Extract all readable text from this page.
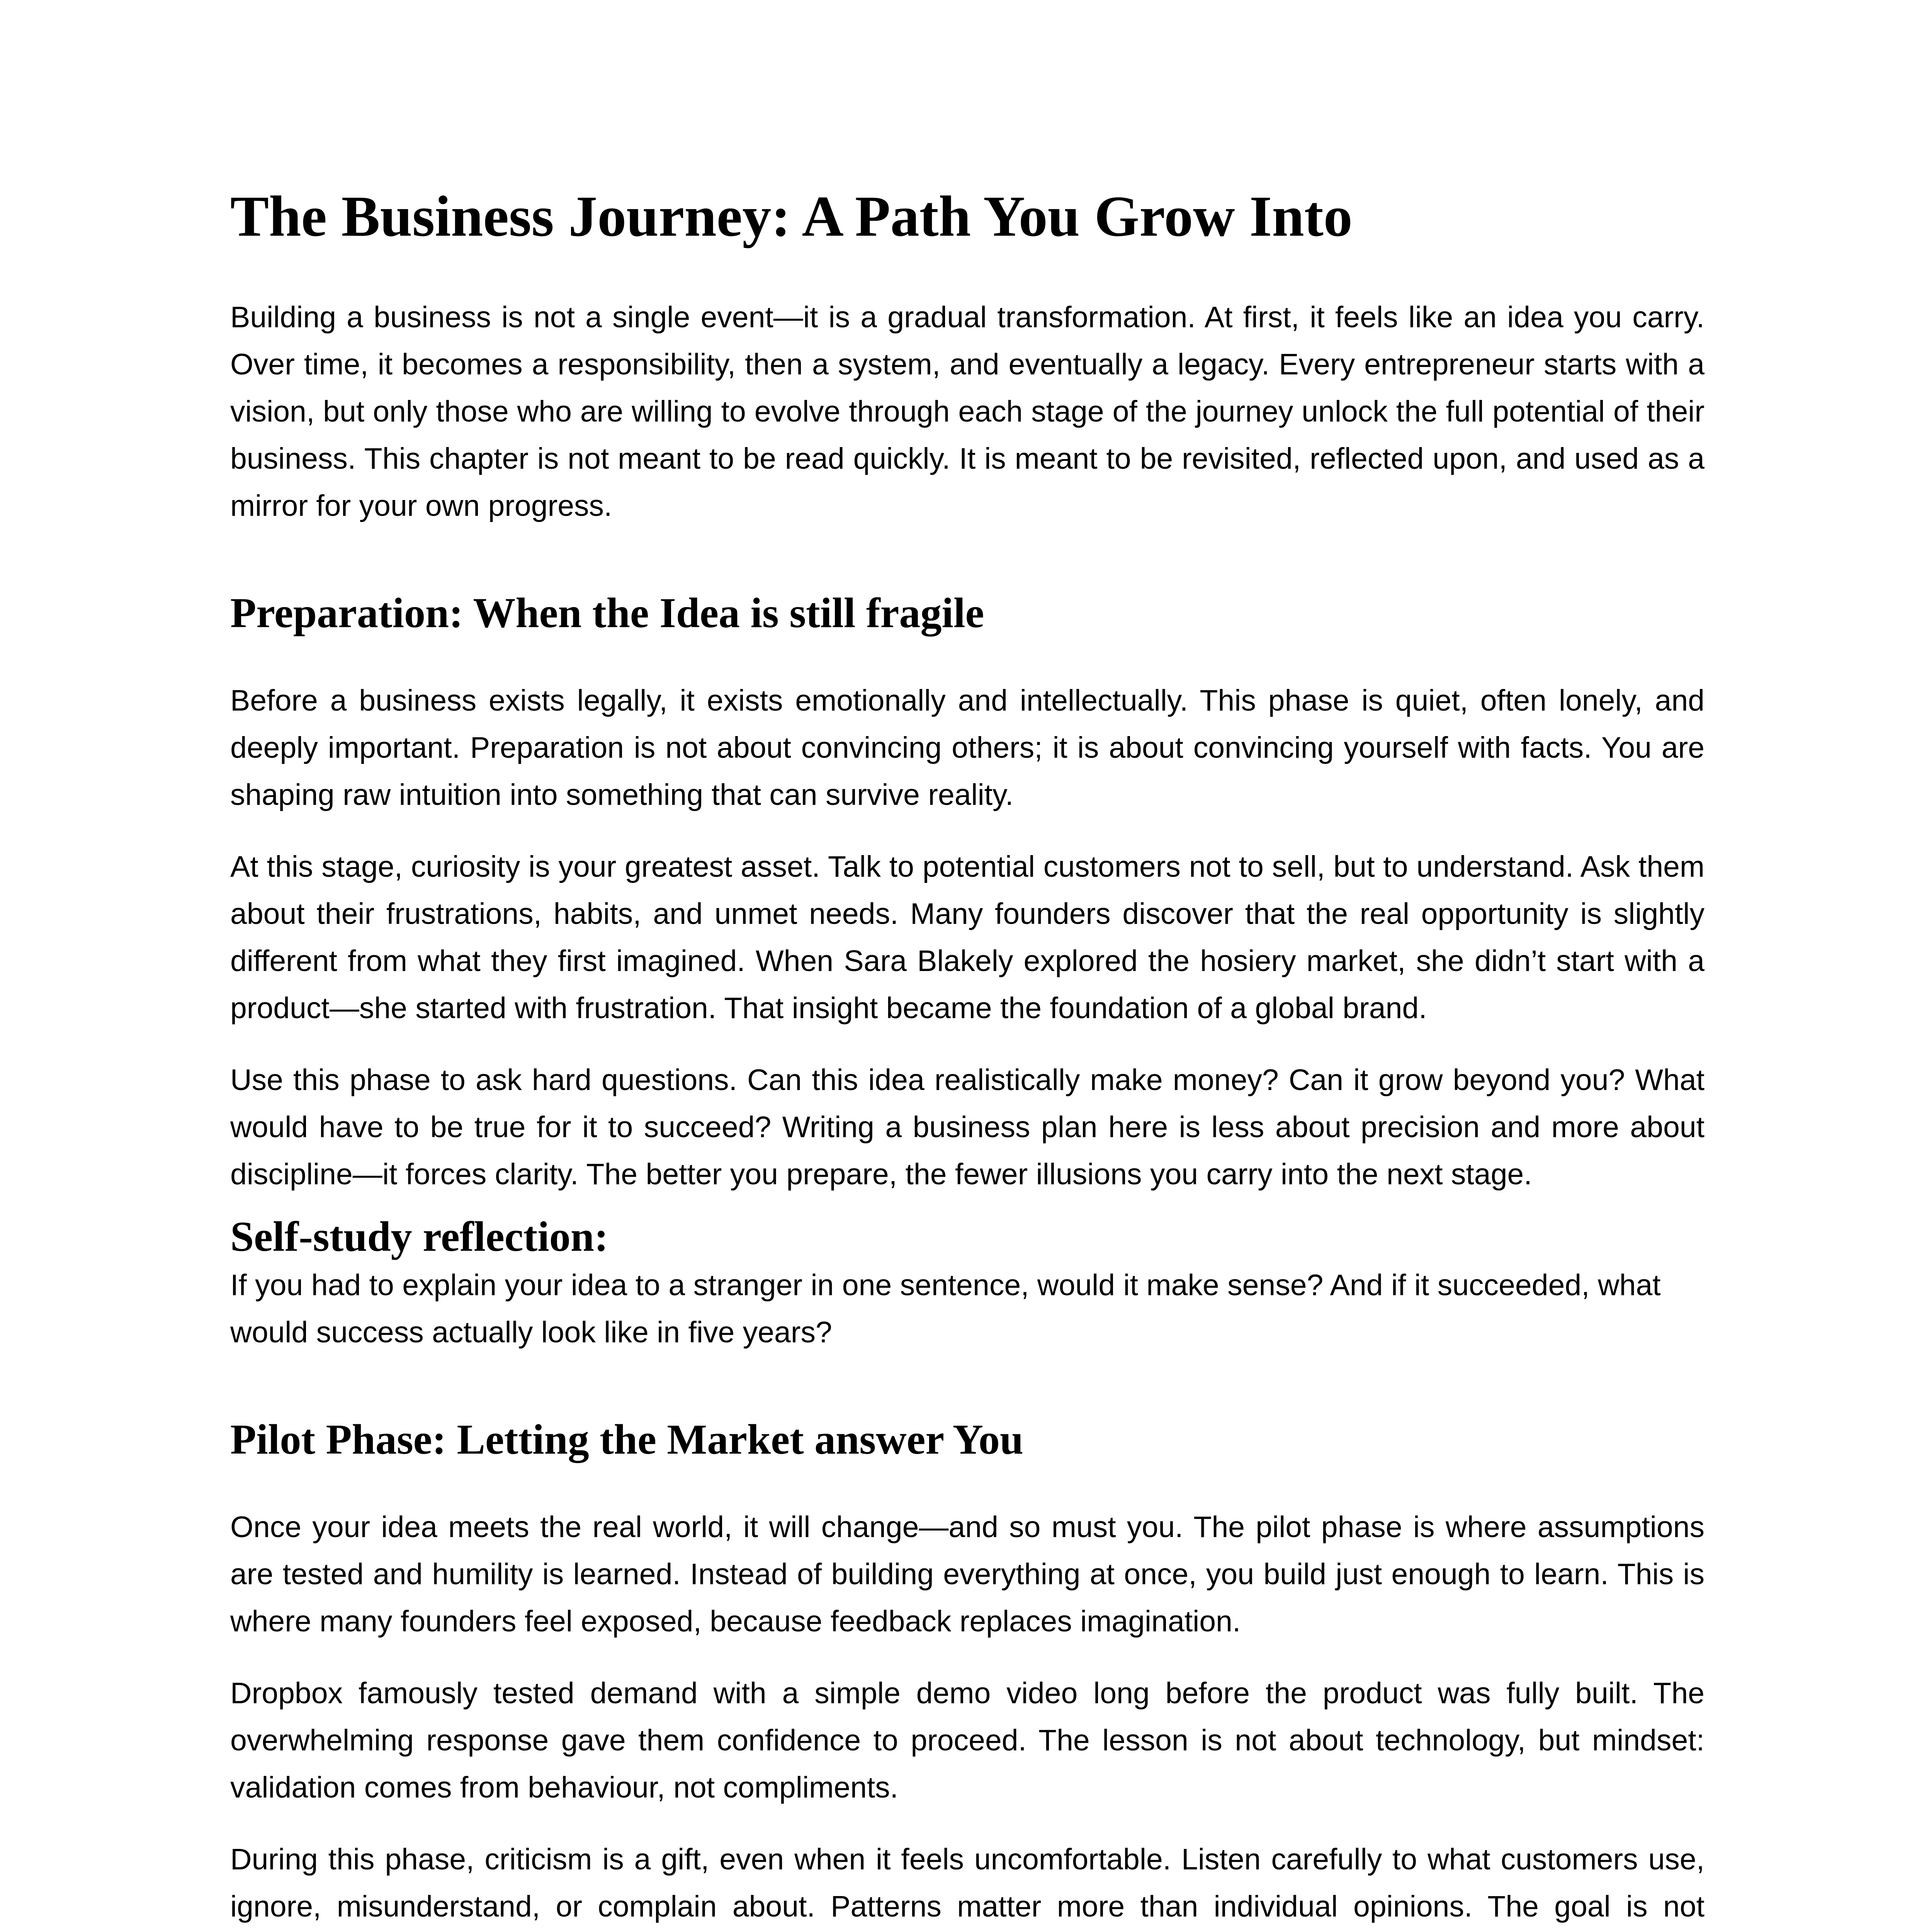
The Business Journey: A Path You Grow Into

Building a business is not a single event—it is a gradual transformation. At first, it feels like an idea you carry. Over time, it becomes a responsibility, then a system, and eventually a legacy. Every entrepreneur starts with a vision, but only those who are willing to evolve through each stage of the journey unlock the full potential of their business. This chapter is not meant to be read quickly. It is meant to be revisited, reflected upon, and used as a mirror for your own progress.

Preparation: When the Idea is still fragile

Before a business exists legally, it exists emotionally and intellectually. This phase is quiet, often lonely, and deeply important. Preparation is not about convincing others; it is about convincing yourself with facts. You are shaping raw intuition into something that can survive reality.

At this stage, curiosity is your greatest asset. Talk to potential customers not to sell, but to understand. Ask them about their frustrations, habits, and unmet needs. Many founders discover that the real opportunity is slightly different from what they first imagined. When Sara Blakely explored the hosiery market, she didn’t start with a product—she started with frustration. That insight became the foundation of a global brand.

Use this phase to ask hard questions. Can this idea realistically make money? Can it grow beyond you? What would have to be true for it to succeed? Writing a business plan here is less about precision and more about discipline—it forces clarity. The better you prepare, the fewer illusions you carry into the next stage.

Self-study reflection:

If you had to explain your idea to a stranger in one sentence, would it make sense? And if it succeeded, what would success actually look like in five years?

Pilot Phase: Letting the Market answer You

Once your idea meets the real world, it will change—and so must you. The pilot phase is where assumptions are tested and humility is learned. Instead of building everything at once, you build just enough to learn. This is where many founders feel exposed, because feedback replaces imagination.

Dropbox famously tested demand with a simple demo video long before the product was fully built. The overwhelming response gave them confidence to proceed. The lesson is not about technology, but mindset: validation comes from behaviour, not compliments.

During this phase, criticism is a gift, even when it feels uncomfortable. Listen carefully to what customers use, ignore, misunderstand, or complain about. Patterns matter more than individual opinions. The goal is not
